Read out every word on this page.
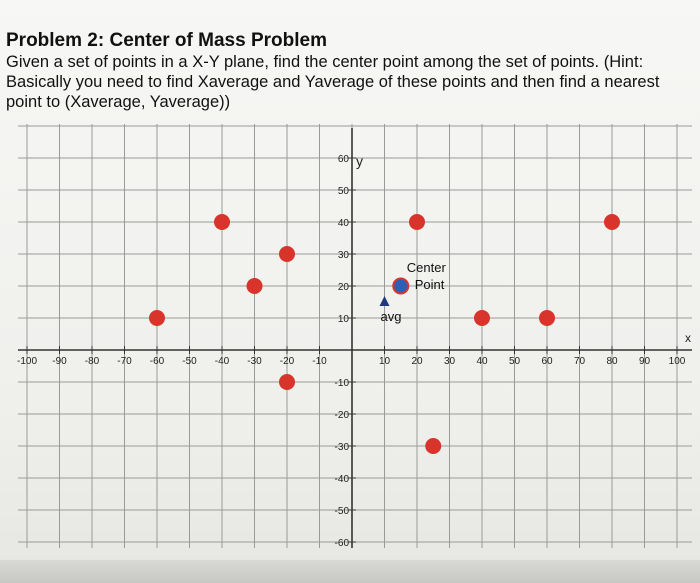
Problem 2: Center of Mass Problem

Given a set of points in a X-Y plane, find the center point among the set of points. (Hint: Basically you need to find Xaverage and Yaverage of these points and then find a nearest point to (Xaverage, Yaverage))

x
y
-100 -90 -80 -70 -60 -50 -40 -30 -20 -10	10 20 30 40 50 60 70 80 90 100
60
50
40
30
20
10
-10
-20
-30
-40
-50
-60
Center Point
avg
